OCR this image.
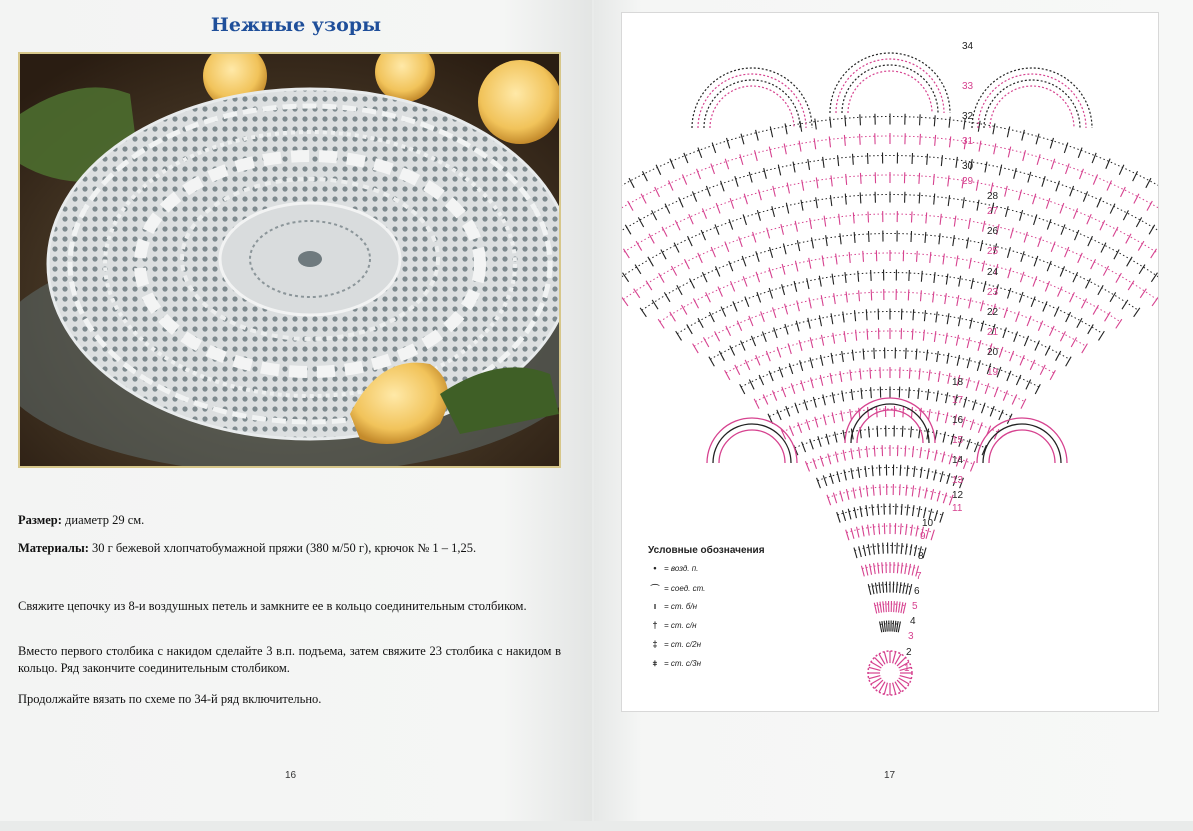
Нежные узоры
Размер: диаметр 29 см.
Материалы: 30 г бежевой хлопчатобумажной пряжи (380 м/50 г), крючок № 1 – 1,25.
Свяжите цепочку из 8-и воздушных петель и замкните ее в кольцо соединительным столбиком.
Вместо первого столбика с накидом сделайте 3 в.п. подъема, затем свяжите 23 столбика с накидом в кольцо. Ряд закончите соединительным столбиком.
Продолжайте вязать по схеме по 34-й ряд включительно.
16	17
34
33
32
31
30
29
28
27
26
25
24
23
22
21
20
19
18
17
16
15
14
13
12
11
10
9
8
7
6
5
4
3
2
1
Условные обозначения
• = возд. п.
⌒ = соед. ст.
ı = ст. б/н
† = ст. с/н
‡ = ст. с/2н
⧧ = ст. с/3н
